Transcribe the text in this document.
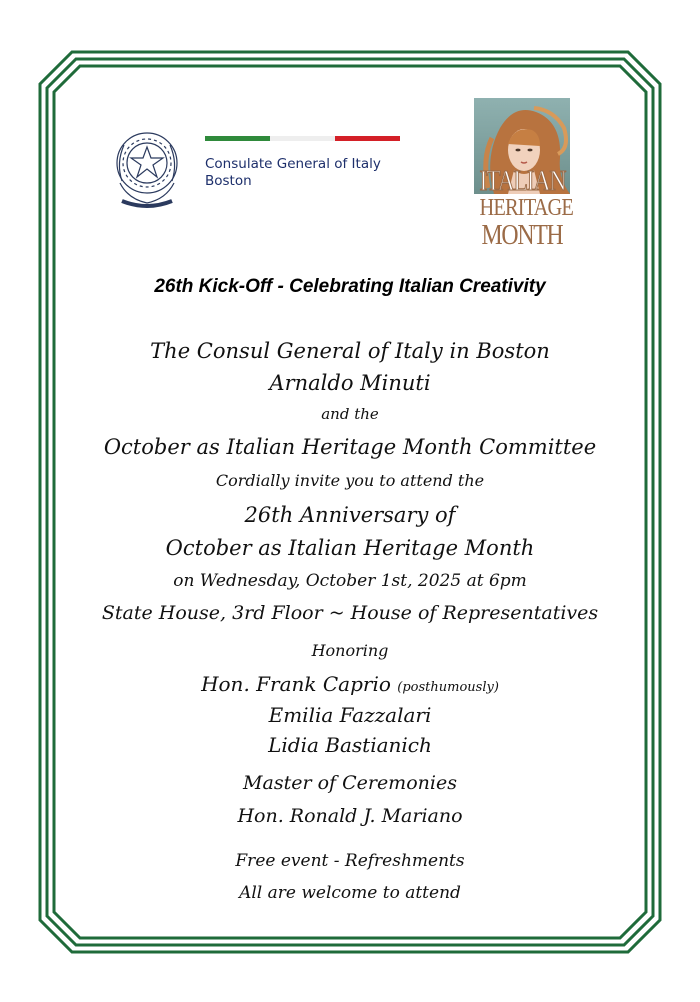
Consulate General of Italy
Boston	ITALIAN
HERITAGE
MONTH
26th Kick-Off - Celebrating Italian Creativity
The Consul General of Italy in Boston
Arnaldo Minuti
and the
October as Italian Heritage Month Committee
Cordially invite you to attend the
26th Anniversary of
October as Italian Heritage Month
on Wednesday, October 1st, 2025 at 6pm
State House, 3rd Floor ~ House of Representatives
Honoring
Hon. Frank Caprio (posthumously)
Emilia Fazzalari
Lidia Bastianich
Master of Ceremonies
Hon. Ronald J. Mariano
Free event - Refreshments
All are welcome to attend
